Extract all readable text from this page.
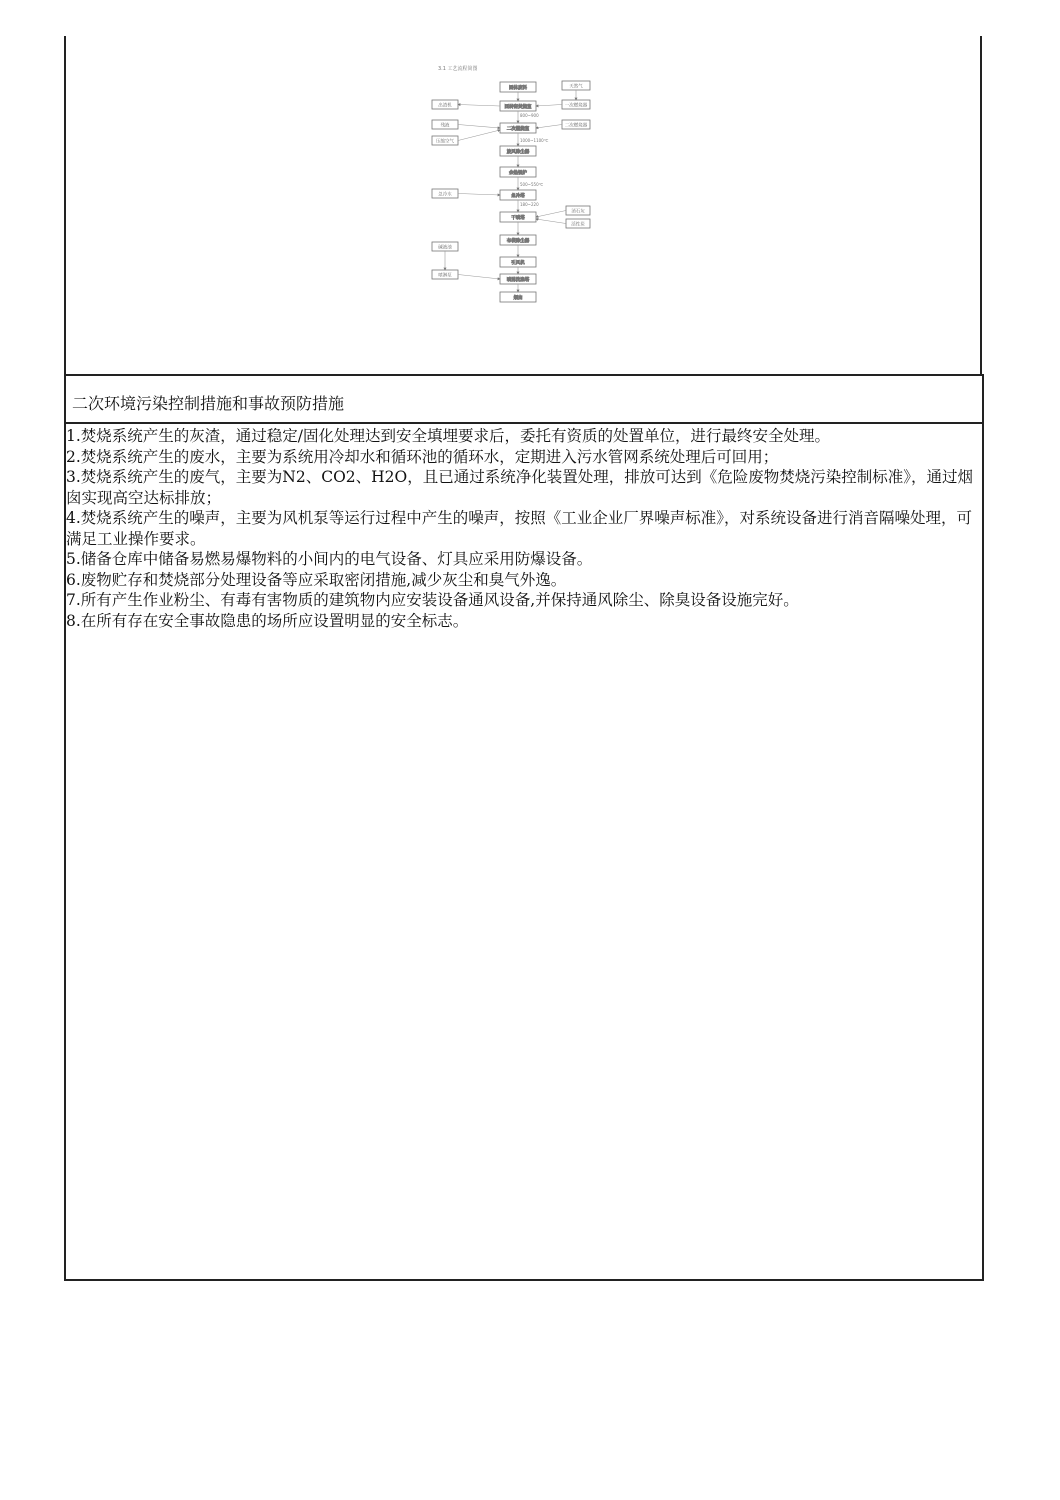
3.1 工艺流程简图
固体废料
回转窑焚烧室
二次燃烧室
旋风除尘器
余热锅炉
急冷塔
干喷塔
布袋除尘器
引风机
喷淋洗涤塔
烟囱
出渣机
残液
压缩空气
急冷水
碱液池
喷淋泵
天然气
一次燃烧器
二次燃烧器
消石灰
活性炭
800~900
1000~1100℃
500~550℃
180~220
二次环境污染控制措施和事故预防措施

1.焚烧系统产生的灰渣，通过稳定/固化处理达到安全填埋要求后，委托有资质的处置单位，进行最终安全处理。

2.焚烧系统产生的废水，主要为系统用冷却水和循环池的循环水，定期进入污水管网系统处理后可回用；

3.焚烧系统产生的废气，主要为N2、CO2、H2O，且已通过系统净化装置处理，排放可达到《危险废物焚烧污染控制标准》，通过烟囱实现高空达标排放；

4.焚烧系统产生的噪声，主要为风机泵等运行过程中产生的噪声，按照《工业企业厂界噪声标准》，对系统设备进行消音隔噪处理，可满足工业操作要求。

5.储备仓库中储备易燃易爆物料的小间内的电气设备、灯具应采用防爆设备。

6.废物贮存和焚烧部分处理设备等应采取密闭措施,减少灰尘和臭气外逸。

7.所有产生作业粉尘、有毒有害物质的建筑物内应安装设备通风设备,并保持通风除尘、除臭设备设施完好。

8.在所有存在安全事故隐患的场所应设置明显的安全标志。
